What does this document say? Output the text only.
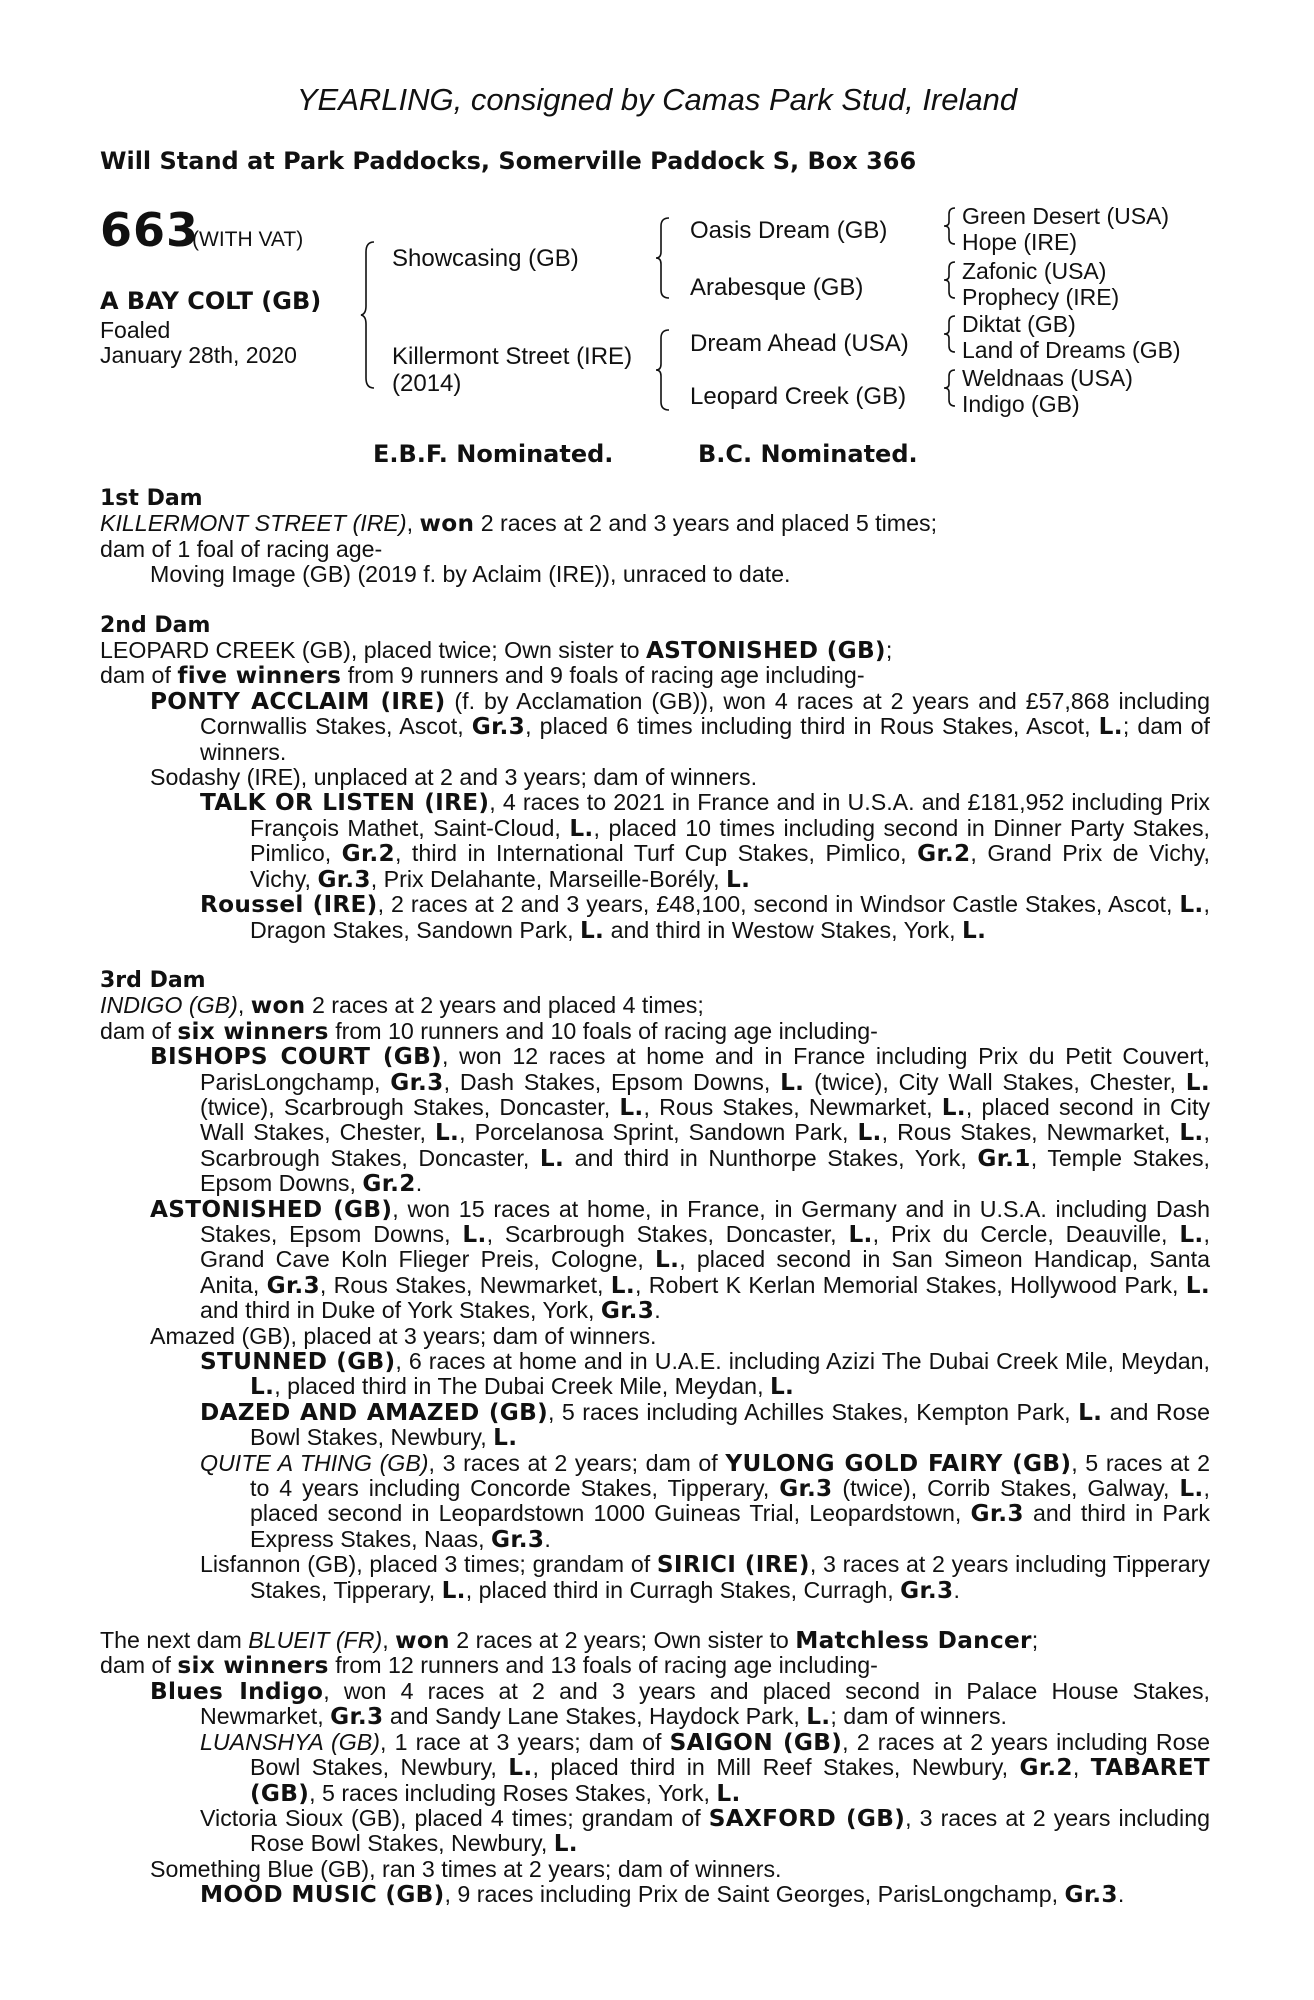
YEARLING, consigned by Camas Park Stud, Ireland
Will Stand at Park Paddocks, Somerville Paddock S, Box 366
663
(WITH VAT)
A BAY COLT (GB)
Foaled
January 28th, 2020
Showcasing (GB)
Killermont Street (IRE)
(2014)
Oasis Dream (GB)
Arabesque (GB)
Dream Ahead (USA)
Leopard Creek (GB)
Green Desert (USA)
Hope (IRE)
Zafonic (USA)
Prophecy (IRE)
Diktat (GB)
Land of Dreams (GB)
Weldnaas (USA)
Indigo (GB)
E.B.F. Nominated.	B.C. Nominated.
1st Dam
KILLERMONT STREET (IRE), won 2 races at 2 and 3 years and placed 5 times;
dam of 1 foal of racing age-
Moving Image (GB) (2019 f. by Aclaim (IRE)), unraced to date.
2nd Dam
LEOPARD CREEK (GB), placed twice; Own sister to ASTONISHED (GB);
dam of five winners from 9 runners and 9 foals of racing age including-
PONTY ACCLAIM (IRE) (f. by Acclamation (GB)), won 4 races at 2 years and £57,868 including Cornwallis Stakes, Ascot, Gr.3, placed 6 times including third in Rous Stakes, Ascot, L.; dam of winners.
Sodashy (IRE), unplaced at 2 and 3 years; dam of winners.
TALK OR LISTEN (IRE), 4 races to 2021 in France and in U.S.A. and £181,952 including Prix François Mathet, Saint-Cloud, L., placed 10 times including second in Dinner Party Stakes, Pimlico, Gr.2, third in International Turf Cup Stakes, Pimlico, Gr.2, Grand Prix de Vichy, Vichy, Gr.3, Prix Delahante, Marseille-Borély, L.
Roussel (IRE), 2 races at 2 and 3 years, £48,100, second in Windsor Castle Stakes, Ascot, L., Dragon Stakes, Sandown Park, L. and third in Westow Stakes, York, L.
3rd Dam
INDIGO (GB), won 2 races at 2 years and placed 4 times;
dam of six winners from 10 runners and 10 foals of racing age including-
BISHOPS COURT (GB), won 12 races at home and in France including Prix du Petit Couvert, ParisLongchamp, Gr.3, Dash Stakes, Epsom Downs, L. (twice), City Wall Stakes, Chester, L. (twice), Scarbrough Stakes, Doncaster, L., Rous Stakes, Newmarket, L., placed second in City Wall Stakes, Chester, L., Porcelanosa Sprint, Sandown Park, L., Rous Stakes, Newmarket, L., Scarbrough Stakes, Doncaster, L. and third in Nunthorpe Stakes, York, Gr.1, Temple Stakes, Epsom Downs, Gr.2.
ASTONISHED (GB), won 15 races at home, in France, in Germany and in U.S.A. including Dash Stakes, Epsom Downs, L., Scarbrough Stakes, Doncaster, L., Prix du Cercle, Deauville, L., Grand Cave Koln Flieger Preis, Cologne, L., placed second in San Simeon Handicap, Santa Anita, Gr.3, Rous Stakes, Newmarket, L., Robert K Kerlan Memorial Stakes, Hollywood Park, L. and third in Duke of York Stakes, York, Gr.3.
Amazed (GB), placed at 3 years; dam of winners.
STUNNED (GB), 6 races at home and in U.A.E. including Azizi The Dubai Creek Mile, Meydan, L., placed third in The Dubai Creek Mile, Meydan, L.
DAZED AND AMAZED (GB), 5 races including Achilles Stakes, Kempton Park, L. and Rose Bowl Stakes, Newbury, L.
QUITE A THING (GB), 3 races at 2 years; dam of YULONG GOLD FAIRY (GB), 5 races at 2 to 4 years including Concorde Stakes, Tipperary, Gr.3 (twice), Corrib Stakes, Galway, L., placed second in Leopardstown 1000 Guineas Trial, Leopardstown, Gr.3 and third in Park Express Stakes, Naas, Gr.3.
Lisfannon (GB), placed 3 times; grandam of SIRICI (IRE), 3 races at 2 years including Tipperary Stakes, Tipperary, L., placed third in Curragh Stakes, Curragh, Gr.3.
The next dam BLUEIT (FR), won 2 races at 2 years; Own sister to Matchless Dancer;
dam of six winners from 12 runners and 13 foals of racing age including-
Blues Indigo, won 4 races at 2 and 3 years and placed second in Palace House Stakes, Newmarket, Gr.3 and Sandy Lane Stakes, Haydock Park, L.; dam of winners.
LUANSHYA (GB), 1 race at 3 years; dam of SAIGON (GB), 2 races at 2 years including Rose Bowl Stakes, Newbury, L., placed third in Mill Reef Stakes, Newbury, Gr.2, TABARET (GB), 5 races including Roses Stakes, York, L.
Victoria Sioux (GB), placed 4 times; grandam of SAXFORD (GB), 3 races at 2 years including Rose Bowl Stakes, Newbury, L.
Something Blue (GB), ran 3 times at 2 years; dam of winners.
MOOD MUSIC (GB), 9 races including Prix de Saint Georges, ParisLongchamp, Gr.3.
